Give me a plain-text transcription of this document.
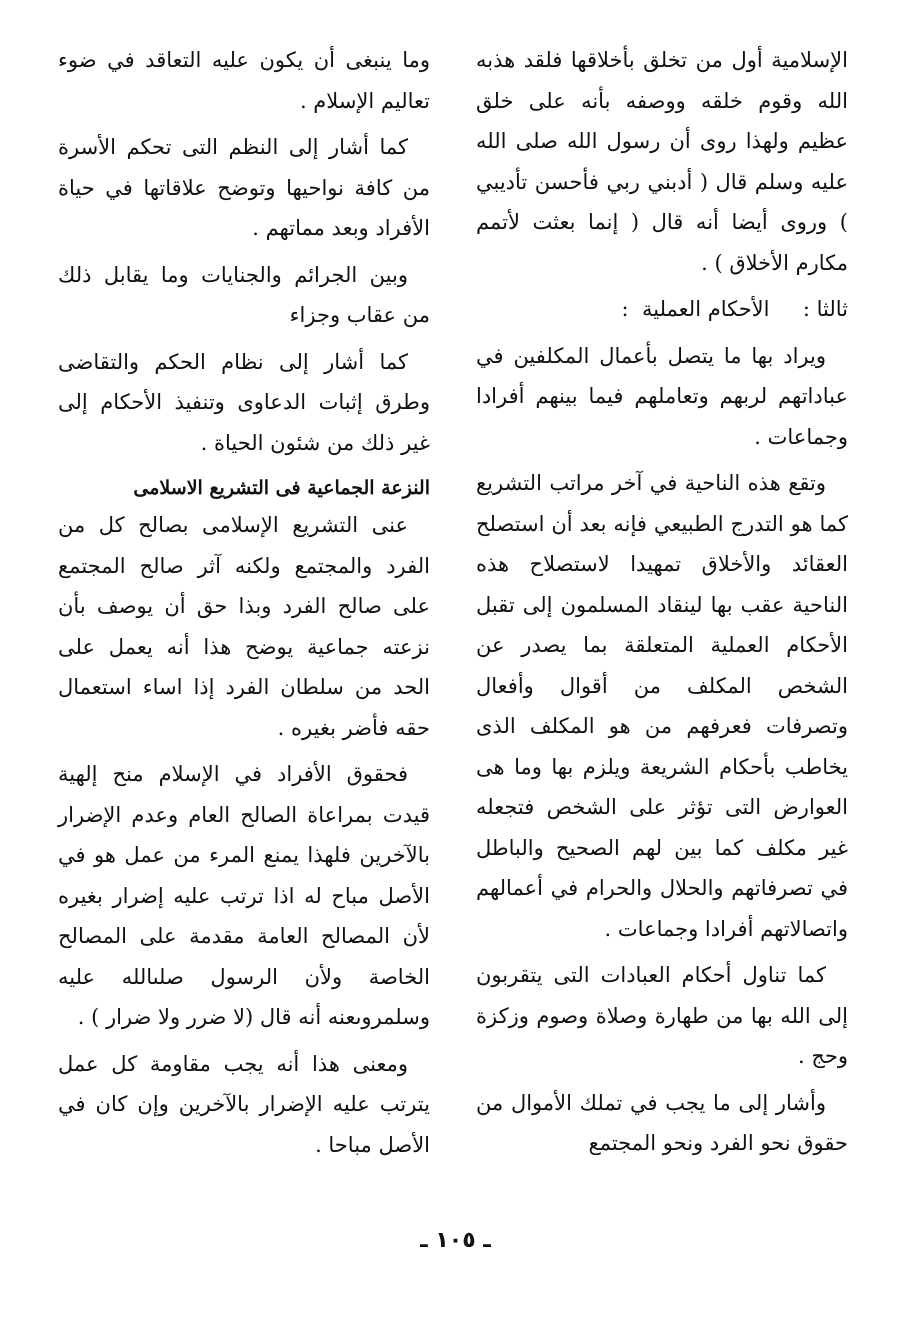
الإسلامية أول من تخلق بأخلاقها فلقد هذبه الله وقوم خلقه ووصفه بأنه على خلق عظيم ولهذا روى أن رسول الله صلى الله عليه وسلم قال ( أدبني ربي فأحسن تأديبي ) وروى أيضا أنه قال ( إنما بعثت لأتمم مكارم الأخلاق ) .

ثالثا :     الأحكام العملية  :

ويراد بها ما يتصل بأعمال المكلفين في عباداتهم لربهم وتعاملهم فيما بينهم أفرادا وجماعات .

وتقع هذه الناحية في آخر مراتب التشريع كما هو التدرج الطبيعي فإنه بعد أن استصلح العقائد والأخلاق تمهيدا لاستصلاح هذه الناحية عقب بها لينقاد المسلمون إلى تقبل الأحكام العملية المتعلقة بما يصدر عن الشخص المكلف من أقوال وأفعال وتصرفات فعرفهم من هو المكلف الذى يخاطب بأحكام الشريعة ويلزم بها وما هى العوارض التى تؤثر على الشخص فتجعله غير مكلف كما بين لهم الصحيح والباطل في تصرفاتهم والحلال والحرام في أعمالهم واتصالاتهم أفرادا وجماعات .

كما تناول أحكام العبادات التى يتقربون إلى الله بها من طهارة وصلاة وصوم وزكزة وحج .

وأشار إلى ما يجب في تملك الأموال من حقوق نحو الفرد ونحو المجتمع

وما ينبغى أن يكون عليه التعاقد في ضوء تعاليم الإسلام .

كما أشار إلى النظم التى تحكم الأسرة من كافة نواحيها وتوضح علاقاتها في حياة الأفراد وبعد مماتهم .

وبين الجرائم والجنايات وما يقابل ذلك من عقاب وجزاء

كما أشار إلى نظام الحكم والتقاضى وطرق إثبات الدعاوى وتنفيذ الأحكام إلى غير ذلك من شئون الحياة .

النزعة الجماعية فى التشريع الاسلامى

عنى التشريع الإسلامى بصالح كل من الفرد والمجتمع ولكنه آثر صالح المجتمع على صالح الفرد وبذا حق أن يوصف بأن نزعته جماعية يوضح هذا أنه يعمل على الحد من سلطان الفرد إذا اساء استعمال حقه فأضر بغيره .

فحقوق الأفراد في الإسلام منح إلهية قيدت بمراعاة الصالح العام وعدم الإضرار بالآخرين فلهذا يمنع المرء من عمل هو في الأصل مباح له اذا ترتب عليه إضرار بغيره لأن المصالح العامة مقدمة على المصالح الخاصة ولأن الرسول صلىالله عليه وسلمروىعنه أنه قال (لا ضرر ولا ضرار ) .

ومعنى هذا أنه يجب مقاومة كل عمل يترتب عليه الإضرار بالآخرين وإن كان في الأصل مباحا .

ـ ١٠٥ ـ
